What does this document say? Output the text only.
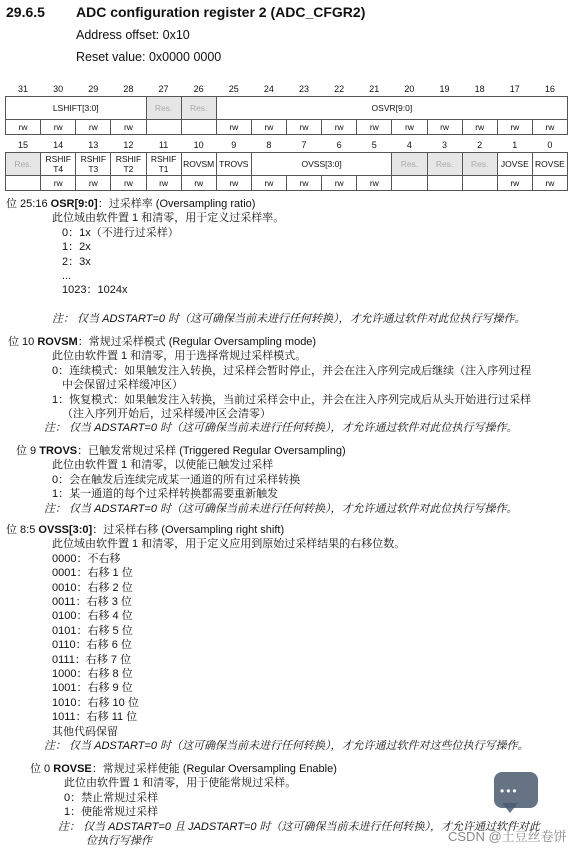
29.6.5 ADC configuration register 2 (ADC_CFGR2)
Address offset: 0x10
Reset value: 0x0000 0000
31	30	29	28	27	26	25	24	23	22	21	20	19	18	17	16
LSHIFT[3:0]				Res.	Res.	OSVR[9:0]									
rw	rw	rw	rw			rw	rw	rw	rw	rw	rw	rw	rw	rw	rw
15	14	13	12	11	10	9	8	7	6	5	4	3	2	1	0
Res.	RSHIF T4	RSHIF T3	RSHIF T2	RSHIF T1	ROVSM	TROVS	OVSS[3:0]				Res.	Res.	Res.	JOVSE	ROVSE
	rw	rw	rw	rw	rw	rw	rw	rw	rw	rw				rw	rw
位 25:16 OSR[9:0]：过采样率 (Oversampling ratio)
此位域由软件置 1 和清零，用于定义过采样率。
0：1x（不进行过采样）
1：2x
2：3x
...
1023：1024x
注： 仅当 ADSTART=0 时（这可确保当前未进行任何转换），才允许通过软件对此位执行写操作。
位 10 ROVSM：常规过采样模式 (Regular Oversampling mode)
此位由软件置 1 和清零，用于选择常规过采样模式。
0：连续模式：如果触发注入转换，过采样会暂时停止，并会在注入序列完成后继续（注入序列过程
中会保留过采样缓冲区）
1：恢复模式：如果触发注入转换，当前过采样会中止，并会在注入序列完成后从头开始进行过采样
（注入序列开始后，过采样缓冲区会清零）
注： 仅当 ADSTART=0 时（这可确保当前未进行任何转换），才允许通过软件对此位执行写操作。
位 9 TROVS：已触发常规过采样 (Triggered Regular Oversampling)
此位由软件置 1 和清零，以使能已触发过采样
0：会在触发后连续完成某一通道的所有过采样转换
1：某一通道的每个过采样转换都需要重新触发
注： 仅当 ADSTART=0 时（这可确保当前未进行任何转换），才允许通过软件对此位执行写操作。
位 8:5 OVSS[3:0]：过采样右移 (Oversampling right shift)
此位域由软件置 1 和清零，用于定义应用到原始过采样结果的右移位数。
0000：不右移
0001：右移 1 位
0010：右移 2 位
0011：右移 3 位
0100：右移 4 位
0101：右移 5 位
0110：右移 6 位
0111：右移 7 位
1000：右移 8 位
1001：右移 9 位
1010：右移 10 位
1011：右移 11 位
其他代码保留
注： 仅当 ADSTART=0 时（这可确保当前未进行任何转换），才允许通过软件对这些位执行写操作。
位 0 ROVSE：常规过采样使能 (Regular Oversampling Enable)
此位由软件置 1 和清零，用于使能常规过采样。
0：禁止常规过采样
1：使能常规过采样
注： 仅当 ADSTART=0 且 JADSTART=0 时（这可确保当前未进行任何转换），才允许通过软件对此
位执行写操作
•••
CSDN @土豆丝卷饼
